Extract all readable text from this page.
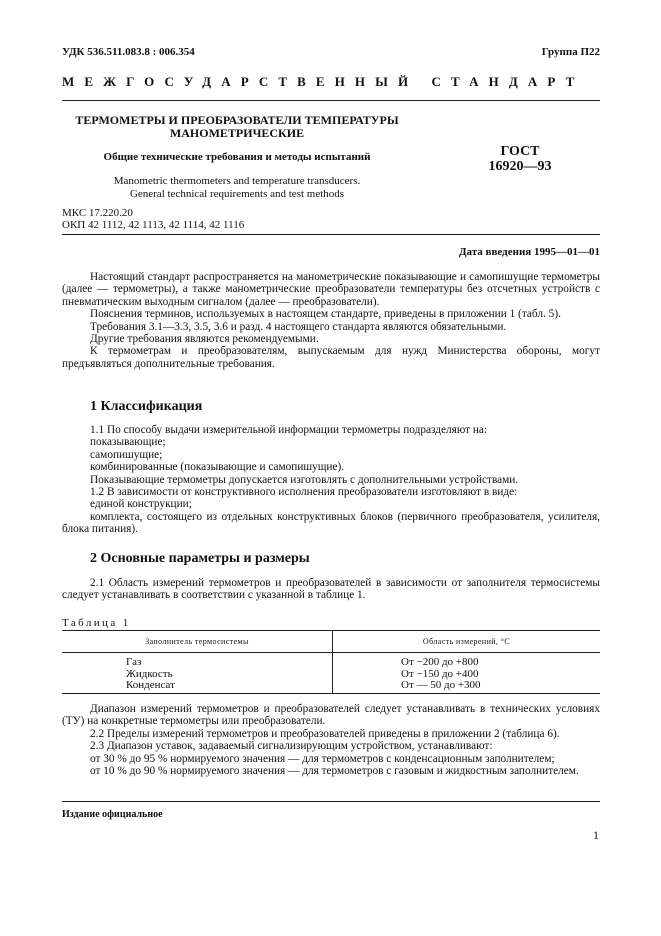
УДК 536.511.083.8 : 006.354	Группа П22
МЕЖГОСУДАРСТВЕННЫЙ СТАНДАРТ
ТЕРМОМЕТРЫ И ПРЕОБРАЗОВАТЕЛИ ТЕМПЕРАТУРЫ
МАНОМЕТРИЧЕСКИЕ
Общие технические требования и методы испытаний
Manometric thermometers and temperature transducers.
General technical requirements and test methods
ГОСТ
16920—93
МКС 17.220.20
ОКП 42 1112, 42 1113, 42 1114, 42 1116
Дата введения 1995—01—01

Настоящий стандарт распространяется на манометрические показывающие и самопишущие термометры (далее — термометры), а также манометрические преобразователи температуры без отсчетных устройств с пневматическим выходным сигналом (далее — преобразователи).

Пояснения терминов, используемых в настоящем стандарте, приведены в приложении 1 (табл. 5).

Требования 3.1—3.3, 3.5, 3.6 и разд. 4 настоящего стандарта являются обязательными.

Другие требования являются рекомендуемыми.

К термометрам и преобразователям, выпускаемым для нужд Министерства обороны, могут предъявляться дополнительные требования.

1 Классификация

1.1 По способу выдачи измерительной информации термометры подразделяют на:

показывающие;

самопишущие;

комбинированные (показывающие и самопишущие).

Показывающие термометры допускается изготовлять с дополнительными устройствами.

1.2 В зависимости от конструктивного исполнения преобразователи изготовляют в виде:

единой конструкции;

комплекта, состоящего из отдельных конструктивных блоков (первичного преобразователя, усилителя, блока питания).

2 Основные параметры и размеры

2.1 Область измерений термометров и преобразователей в зависимости от заполнителя термосистемы следует устанавливать в соответствии с указанной в таблице 1.

Таблица 1
Заполнитель термосистемы	Область измерений, °С
Газ	От −200 до +800
Жидкость	От −150 до +400
Конденсат	От — 50 до +300

Диапазон измерений термометров и преобразователей следует устанавливать в технических условиях (ТУ) на конкретные термометры или преобразователи.

2.2 Пределы измерений термометров и преобразователей приведены в приложении 2 (таблица 6).

2.3 Диапазон уставок, задаваемый сигнализирующим устройством, устанавливают:

от 30 % до 95 % нормируемого значения — для термометров с конденсационным заполнителем;

от 10 % до 90 % нормируемого значения — для термометров с газовым и жидкостным заполнителем.

Издание официальное
1
